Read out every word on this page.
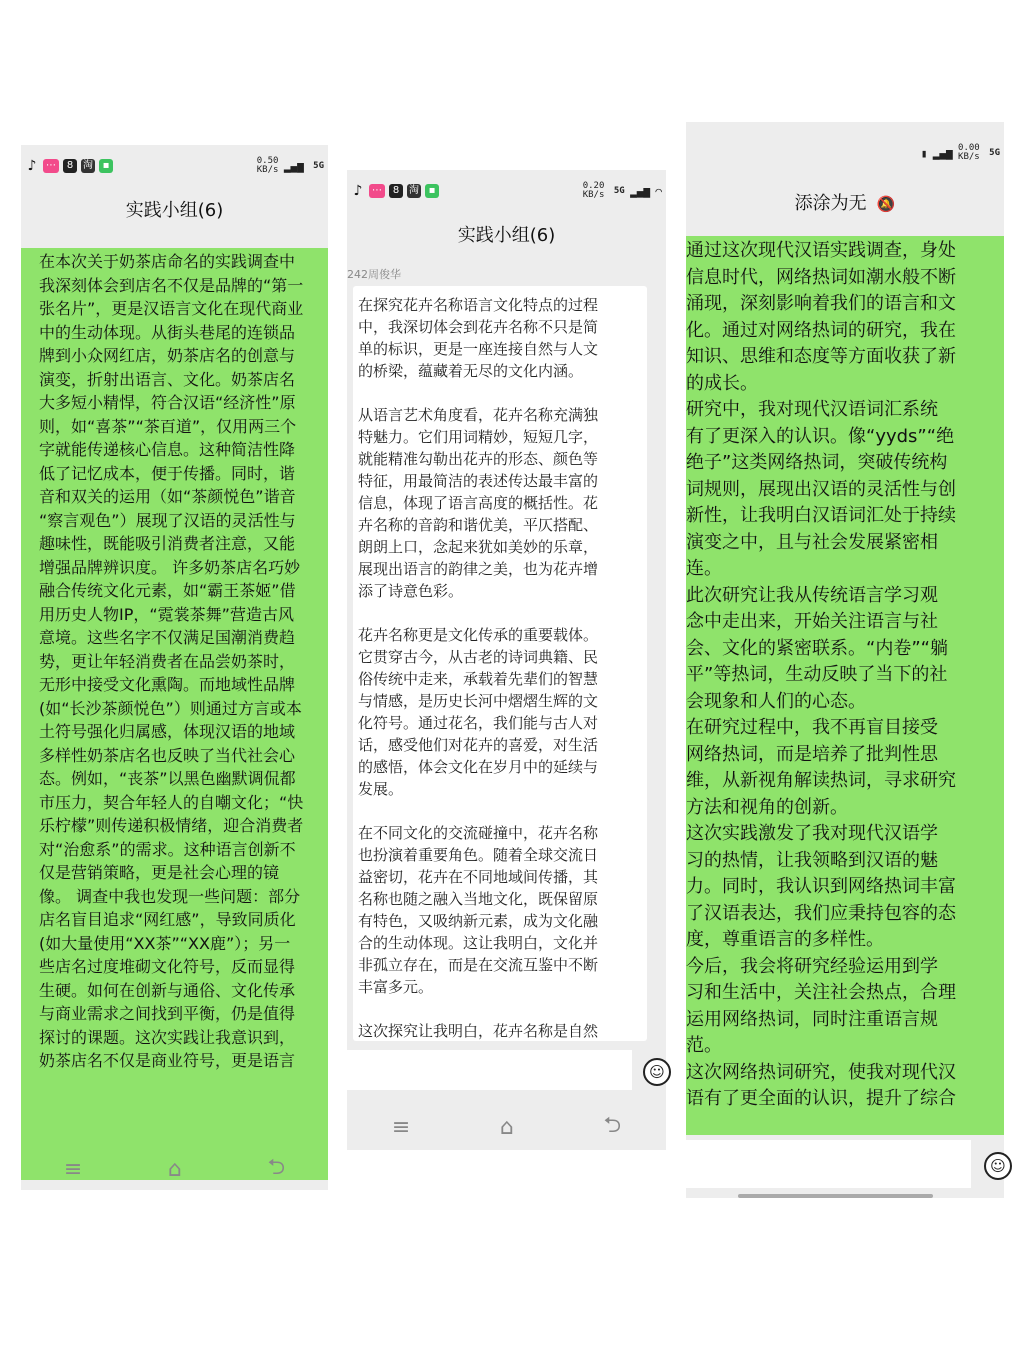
♪ ⋯	8 淘 ▪	0.50
KB/s ▂▄▆ 5G
实践小组(6)
在本次关于奶茶店命名的实践调查中
我深刻体会到店名不仅是品牌的“第一
张名片”，更是汉语言文化在现代商业
中的生动体现。从街头巷尾的连锁品
牌到小众网红店，奶茶店名的创意与
演变，折射出语言、文化。奶茶店名
大多短小精悍，符合汉语“经济性”原
则，如“喜茶”“茶百道”，仅用两三个
字就能传递核心信息。这种简洁性降
低了记忆成本，便于传播。同时，谐
音和双关的运用（如“茶颜悦色”谐音
“察言观色”）展现了汉语的灵活性与
趣味性，既能吸引消费者注意，又能
增强品牌辨识度。 许多奶茶店名巧妙
融合传统文化元素，如“霸王茶姬”借
用历史人物IP，“霓裳茶舞”营造古风
意境。这些名字不仅满足国潮消费趋
势，更让年轻消费者在品尝奶茶时，
无形中接受文化熏陶。而地域性品牌
(如“长沙茶颜悦色”）则通过方言或本
土符号强化归属感，体现汉语的地域
多样性奶茶店名也反映了当代社会心
态。例如，“丧茶”以黑色幽默调侃都
市压力，契合年轻人的自嘲文化；“快
乐柠檬”则传递积极情绪，迎合消费者
对“治愈系”的需求。这种语言创新不
仅是营销策略，更是社会心理的镜
像。 调查中我也发现一些问题：部分
店名盲目追求“网红感”，导致同质化
(如大量使用“XX茶”“XX鹿”）；另一
些店名过度堆砌文化符号，反而显得
生硬。如何在创新与通俗、文化传承
与商业需求之间找到平衡，仍是值得
探讨的课题。这次实践让我意识到，
奶茶店名不仅是商业符号，更是语言
≡	⌂	⮌
♪ ⋯	8 淘 ▪	0.20
KB/s 5G ▂▄▆ ◠
实践小组(6)
242周俊华

在探究花卉名称语言文化特点的过程
中，我深切体会到花卉名称不只是简
单的标识，更是一座连接自然与人文
的桥梁，蕴藏着无尽的文化内涵。

从语言艺术角度看，花卉名称充满独
特魅力。它们用词精妙，短短几字，
就能精准勾勒出花卉的形态、颜色等
特征，用最简洁的表述传达最丰富的
信息，体现了语言高度的概括性。花
卉名称的音韵和谐优美，平仄搭配、
朗朗上口，念起来犹如美妙的乐章，
展现出语言的韵律之美，也为花卉增
添了诗意色彩。

花卉名称更是文化传承的重要载体。
它贯穿古今，从古老的诗词典籍、民
俗传统中走来，承载着先辈们的智慧
与情感，是历史长河中熠熠生辉的文
化符号。通过花名，我们能与古人对
话，感受他们对花卉的喜爱，对生活
的感悟，体会文化在岁月中的延续与
发展。

在不同文化的交流碰撞中，花卉名称
也扮演着重要角色。随着全球交流日
益密切，花卉在不同地域间传播，其
名称也随之融入当地文化，既保留原
有特色，又吸纳新元素，成为文化融
合的生动体现。这让我明白，文化并
非孤立存在，而是在交流互鉴中不断
丰富多元。

这次探究让我明白，花卉名称是自然

☺
≡	⌂	⮌
▮ ▂▄▆ 0.00
KB/s 5G
添涂为无 🔕
通过这次现代汉语实践调查，身处
信息时代，网络热词如潮水般不断
涌现，深刻影响着我们的语言和文
化。通过对网络热词的研究，我在
知识、思维和态度等方面收获了新
的成长。
研究中，我对现代汉语词汇系统
有了更深入的认识。像“yyds”“绝
绝子”这类网络热词，突破传统构
词规则，展现出汉语的灵活性与创
新性，让我明白汉语词汇处于持续
演变之中，且与社会发展紧密相
连。
此次研究让我从传统语言学习观
念中走出来，开始关注语言与社
会、文化的紧密联系。“内卷”“躺
平”等热词，生动反映了当下的社
会现象和人们的心态。
在研究过程中，我不再盲目接受
网络热词，而是培养了批判性思
维，从新视角解读热词，寻求研究
方法和视角的创新。
这次实践激发了我对现代汉语学
习的热情，让我领略到汉语的魅
力。同时，我认识到网络热词丰富
了汉语表达，我们应秉持包容的态
度，尊重语言的多样性。
今后，我会将研究经验运用到学
习和生活中，关注社会热点，合理
运用网络热词，同时注重语言规
范。
这次网络热词研究，使我对现代汉
语有了更全面的认识，提升了综合
☺
